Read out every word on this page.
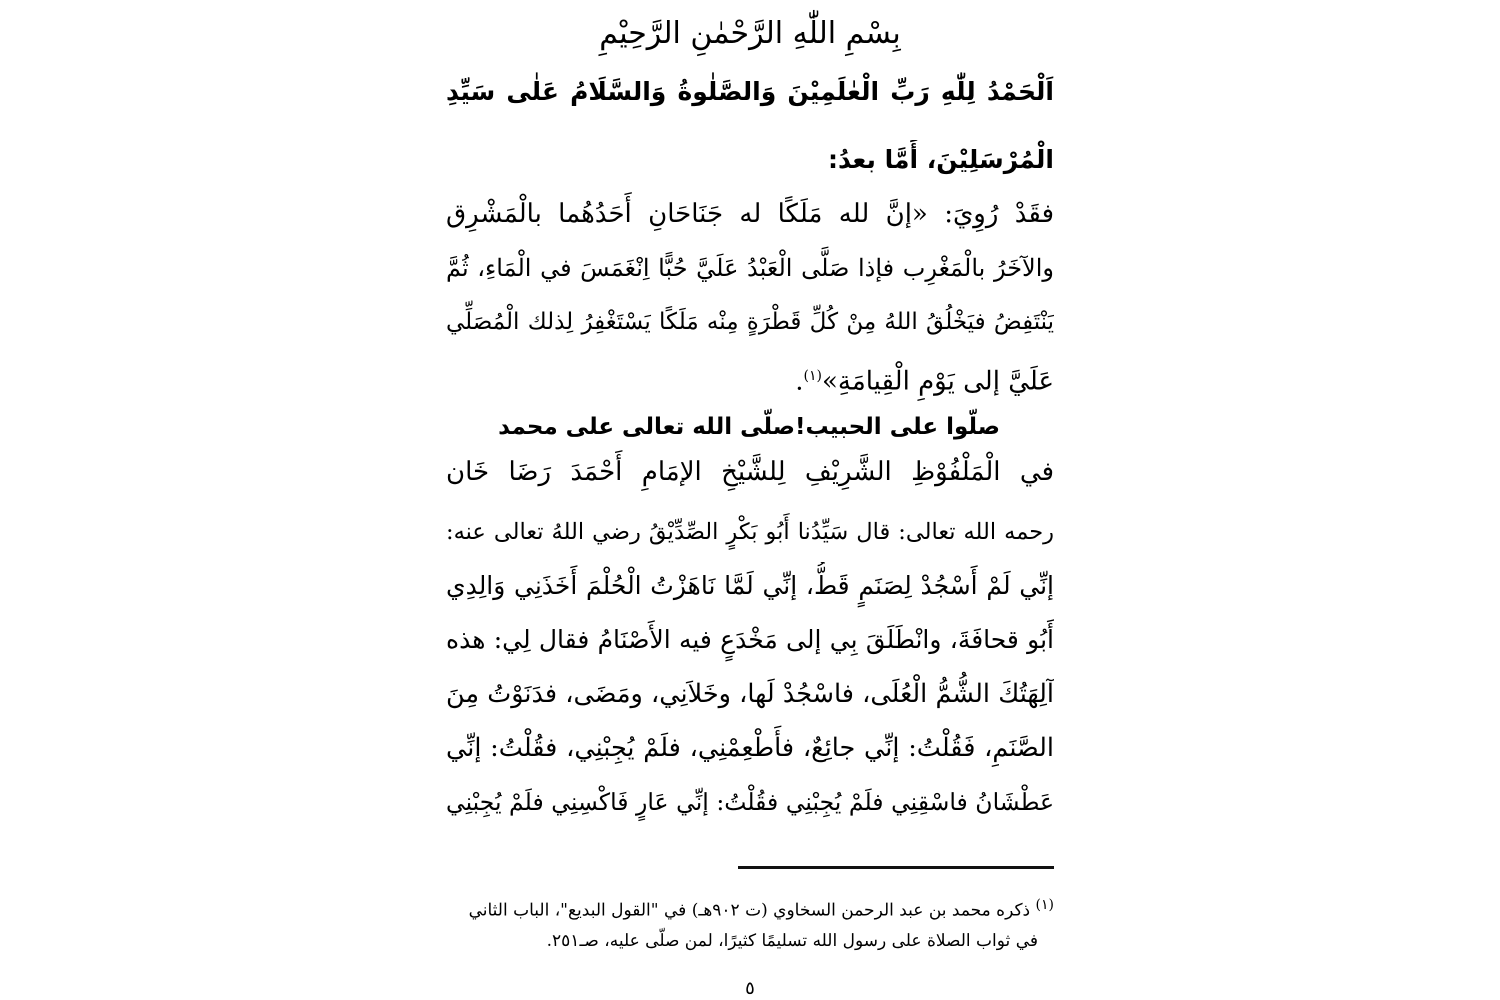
بِسْمِ اللّٰهِ الرَّحْمٰنِ الرَّحِيْمِ
اَلْحَمْدُ لِلّٰهِ رَبِّ الْعٰلَمِيْنَ وَالصَّلٰوةُ وَالسَّلَامُ عَلٰى سَيِّدِ
الْمُرْسَلِيْنَ، أَمَّا بعدُ:
فقَدْ رُوِيَ: «إنَّ لله مَلَكًا له جَنَاحَانِ أَحَدُهُما بالْمَشْرِق
والآخَرُ بالْمَغْرِب فإذا صَلَّى الْعَبْدُ عَلَيَّ حُبًّا اِنْغَمَسَ في الْمَاءِ، ثُمَّ
يَنْتَفِضُ فيَخْلُقُ اللهُ مِنْ كُلِّ قَطْرَةٍ مِنْه مَلَكًا يَسْتَغْفِرُ لِذلك الْمُصَلِّي
عَلَيَّ إلى يَوْمِ الْقِيامَةِ»$^{(١)}$.
صلّوا على الحبيب!
صلّى الله تعالى على محمد
في الْمَلْفُوْظِ الشَّرِيْفِ لِلشَّيْخِ الإمَامِ أَحْمَدَ رَضَا خَان
رحمه الله تعالى: قال سَيِّدُنا أَبُو بَكْرٍ الصِّدِّيْقُ رضي اللهُ تعالى عنه:
إنِّي لَمْ أَسْجُدْ لِصَنَمٍ قَطُّ، إنِّي لَمَّا نَاهَزْتُ الْحُلْمَ أَخَذَنِي وَالِدِي
أَبُو قحافَةَ، وانْطَلَقَ بِي إلى مَخْدَعٍ فيه الأَصْنَامُ فقال لِي: هذه
آلِهَتُكَ الشُّمُّ الْعُلَى، فاسْجُدْ لَها، وخَلاَنِي، ومَضَى، فدَنَوْتُ مِنَ
الصَّنَمِ، فَقُلْتُ: إنِّي جائِعٌ، فأَطْعِمْنِي، فلَمْ يُجِبْنِي، فقُلْتُ: إنِّي
عَطْشَانُ فاسْقِنِي فلَمْ يُجِبْنِي فقُلْتُ: إنِّي عَارٍ فَاكْسِنِي فلَمْ يُجِبْنِي
$^{(١)}$ ذكره محمد بن عبد الرحمن السخاوي (ت ٩٠٢هـ) في "القول البديع"، الباب الثاني
في ثواب الصلاة على رسول الله تسليمًا كثيرًا، لمن صلّى عليه، صـ٢٥١.
٥
